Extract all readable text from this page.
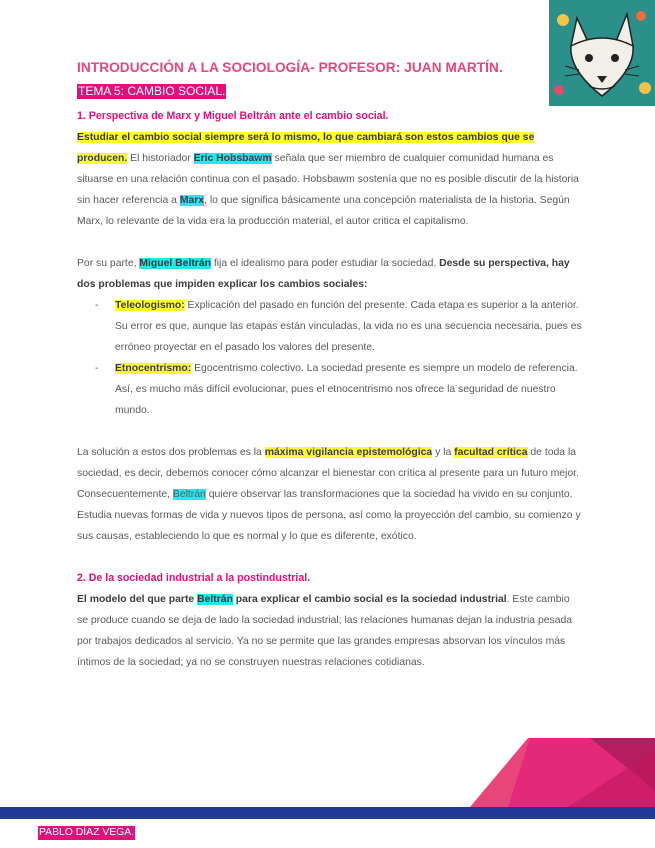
INTRODUCCIÓN A LA SOCIOLOGÍA- PROFESOR: JUAN MARTÍN.
TEMA 5: CAMBIO SOCIAL.

1. Perspectiva de Marx y Miguel Beltrán ante el cambio social.

Estudiar el cambio social siempre será lo mismo, lo que cambiará son estos cambios que se producen. El historiador Eric Hobsbawm señala que ser miembro de cualquier comunidad humana es situarse en una relación continua con el pasado. Hobsbawm sostenía que no es posible discutir de la historia sin hacer referencia a Marx, lo que significa básicamente una concepción materialista de la historia. Según Marx, lo relevante de la vida era la producción material, el autor critica el capitalismo.

Por su parte, Miguel Beltrán fija el idealismo para poder estudiar la sociedad. Desde su perspectiva, hay dos problemas que impiden explicar los cambios sociales:

- Teleologismo: Explicación del pasado en función del presente. Cada etapa es superior a la anterior. Su error es que, aunque las etapas están vinculadas, la vida no es una secuencia necesaria, pues es erróneo proyectar en el pasado los valores del presente.
- Etnocentrismo: Egocentrismo colectivo. La sociedad presente es siempre un modelo de referencia. Así, es mucho más difícil evolucionar, pues el etnocentrismo nos ofrece la seguridad de nuestro mundo.

La solución a estos dos problemas es la máxima vigilancia epistemológica y la facultad crítica de toda la sociedad, es decir, debemos conocer cómo alcanzar el bienestar con crítica al presente para un futuro mejor. Consecuentemente, Beltrán quiere observar las transformaciones que la sociedad ha vivido en su conjunto. Estudia nuevas formas de vida y nuevos tipos de persona, así como la proyección del cambio, su comienzo y sus causas, estableciendo lo que es normal y lo que es diferente, exótico.

2. De la sociedad industrial a la postindustrial.

El modelo del que parte Beltrán para explicar el cambio social es la sociedad industrial. Este cambio se produce cuando se deja de lado la sociedad industrial; las relaciones humanas dejan la industria pesada por trabajos dedicados al servicio. Ya no se permite que las grandes empresas absorvan los vínculos más íntimos de la sociedad; ya no se construyen nuestras relaciones cotidianas.

PABLO DÍAZ VEGA.
